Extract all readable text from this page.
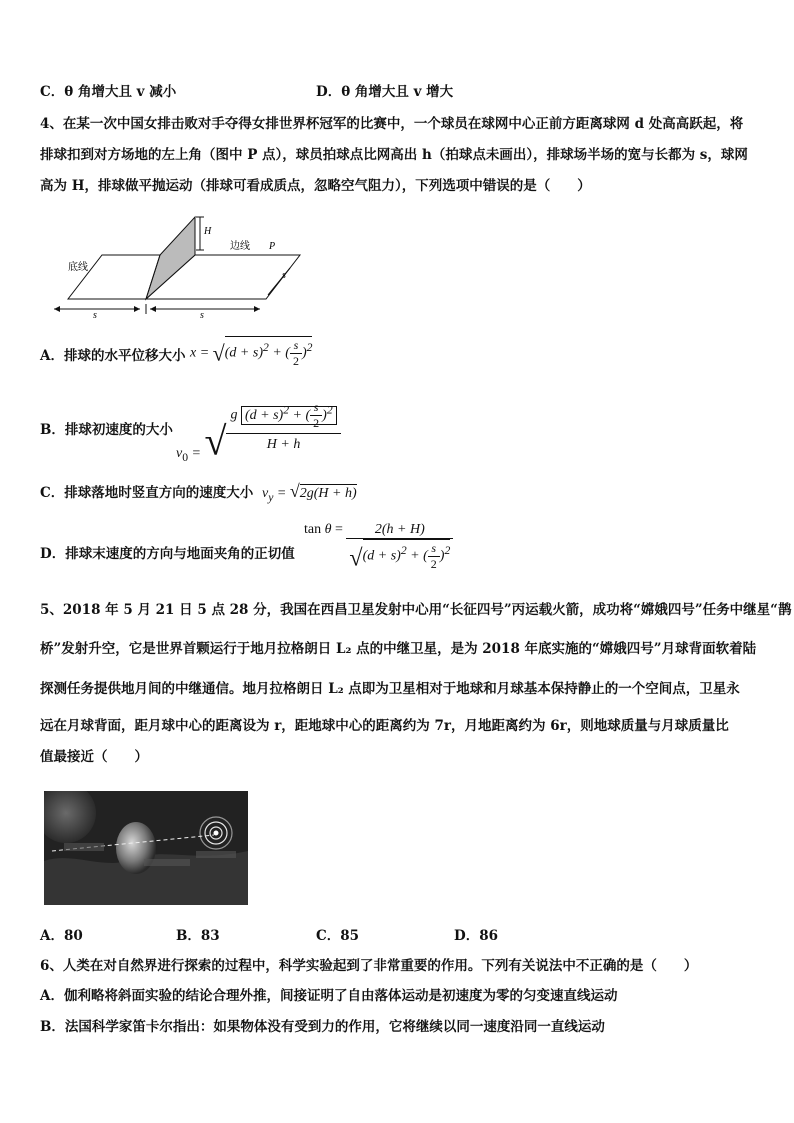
C．θ 角增大且 v 减小	D．θ 角增大且 v 增大
4、在某一次中国女排击败对手夺得女排世界杯冠军的比赛中，一个球员在球网中心正前方距离球网 d 处高高跃起，将
排球扣到对方场地的左上角（图中 P 点），球员拍球点比网高出 h（拍球点未画出），排球场半场的宽与长都为 s，球网
高为 H，排球做平抛运动（排球可看成质点，忽略空气阻力），下列选项中错误的是（　　）
H
边线 P
底线
s	s
s
A．排球的水平位移大小 $x = √(d + s)^2$ + ( $\frac{s}{2} )^2$
B．排球初速度的大小
$v_0$ = √ $\frac{g (d + s)^2 + ( \frac{s}{2} )^2}{H + h}$
C．排球落地时竖直方向的速度大小 $v_y = √2g(H + h)$
D．排球末速度的方向与地面夹角的正切值
$\tan \theta = \frac{2(h + H)}{√(d + s)^2 + ( \frac{s}{2} )^2}$
5、2018 年 5 月 21 日 5 点 28 分，我国在西昌卫星发射中心用“长征四号”丙运载火箭，成功将“嫦娥四号”任务中继星“鹊
桥”发射升空，它是世界首颗运行于地月拉格朗日 L₂ 点的中继卫星，是为 2018 年底实施的“嫦娥四号”月球背面软着陆
探测任务提供地月间的中继通信。地月拉格朗日 L₂ 点即为卫星相对于地球和月球基本保持静止的一个空间点，卫星永
远在月球背面，距月球中心的距离设为 r，距地球中心的距离约为 7r，月地距离约为 6r，则地球质量与月球质量比
值最接近（　　）
A．80	B．83	C．85	D．86
6、人类在对自然界进行探索的过程中，科学实验起到了非常重要的作用。下列有关说法中不正确的是（　　）
A．伽利略将斜面实验的结论合理外推，间接证明了自由落体运动是初速度为零的匀变速直线运动
B．法国科学家笛卡尔指出：如果物体没有受到力的作用，它将继续以同一速度沿同一直线运动
